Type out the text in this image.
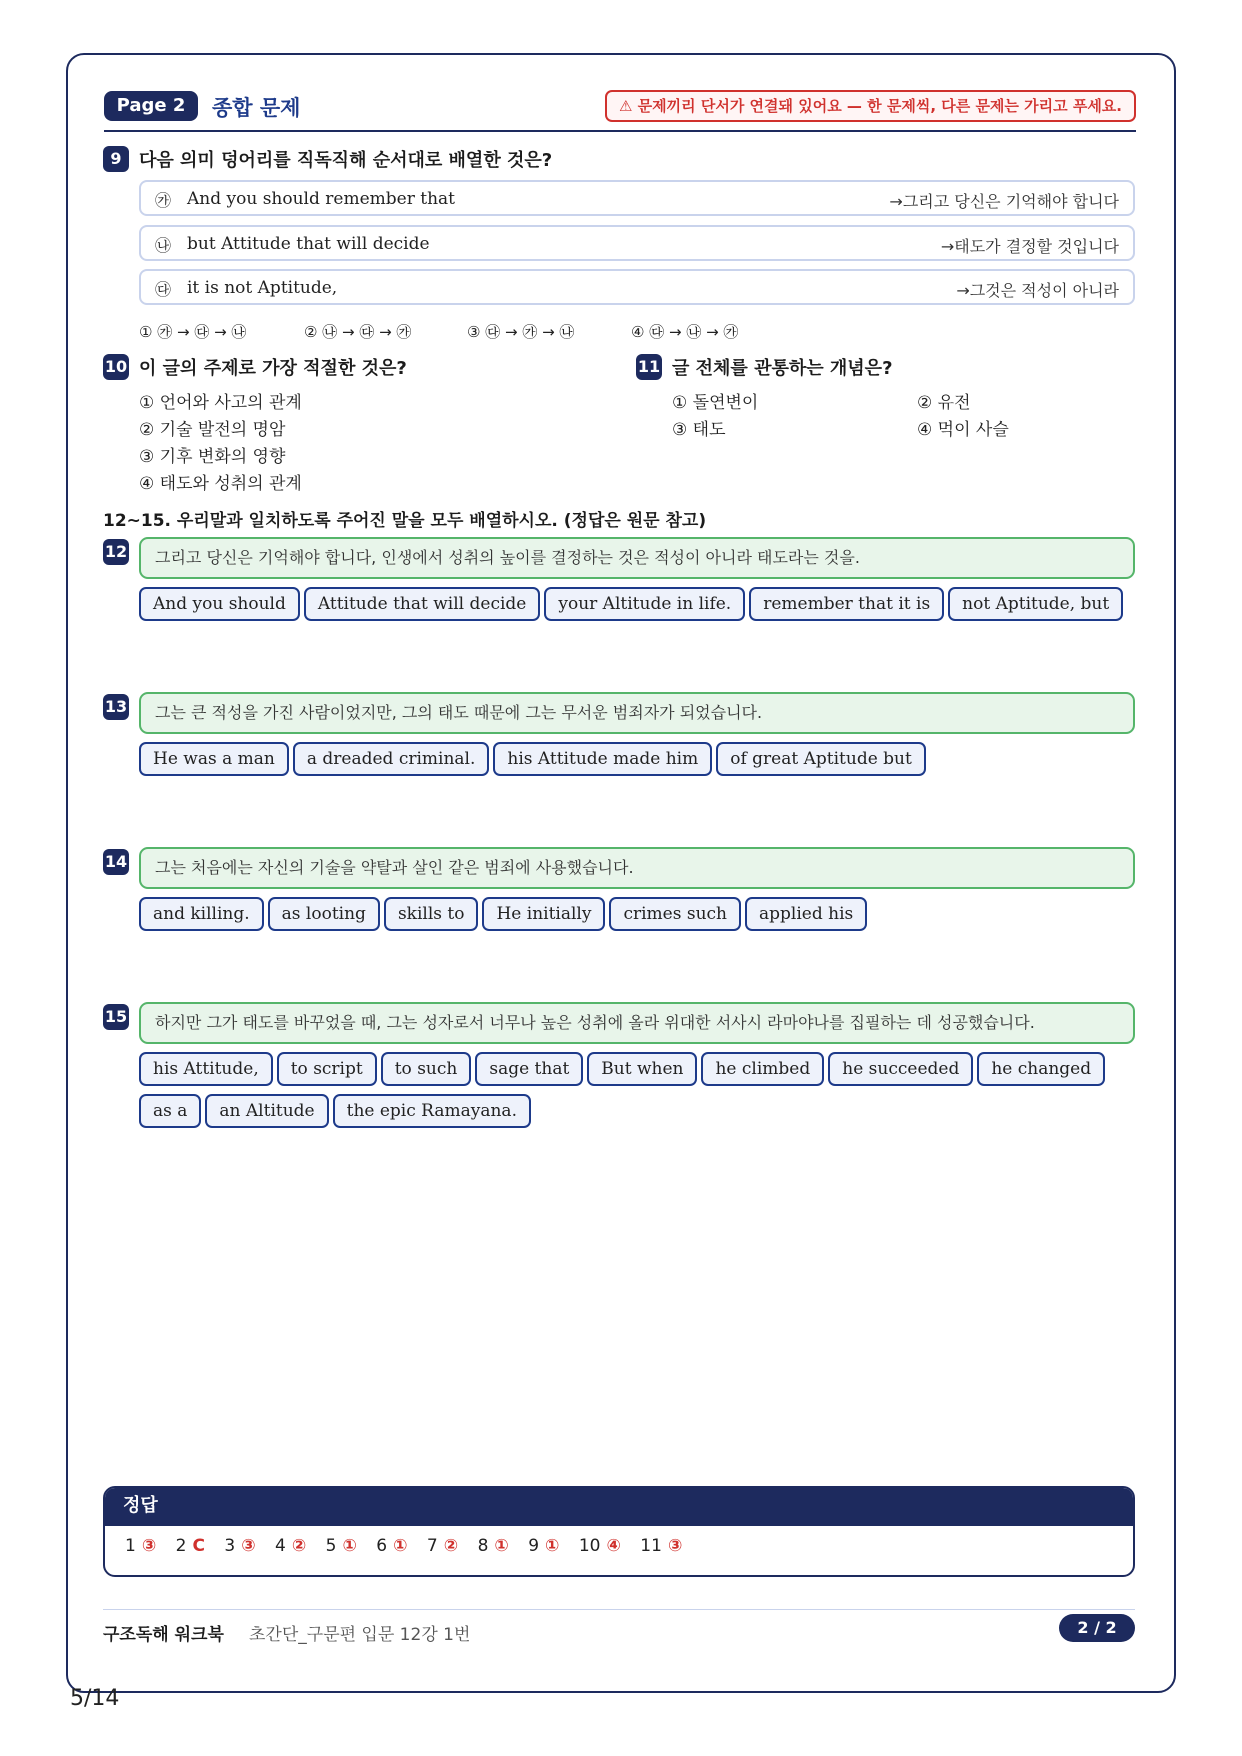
Page 2	종합 문제	⚠ 문제끼리 단서가 연결돼 있어요 — 한 문제씩, 다른 문제는 가리고 푸세요.
9 다음 의미 덩어리를 직독직해 순서대로 배열한 것은?
㉮ And you should remember that	→그리고 당신은 기억해야 합니다
㉯ but Attitude that will decide	→태도가 결정할 것입니다
㉰ it is not Aptitude,	→그것은 적성이 아니라
① ㉮ → ㉰ → ㉯	② ㉯ → ㉰ → ㉮	③ ㉰ → ㉮ → ㉯	④ ㉰ → ㉯ → ㉮
10 이 글의 주제로 가장 적절한 것은?
① 언어와 사고의 관계
② 기술 발전의 명암
③ 기후 변화의 영향
④ 태도와 성취의 관계
11 글 전체를 관통하는 개념은?
① 돌연변이	② 유전
③ 태도	④ 먹이 사슬
12~15. 우리말과 일치하도록 주어진 말을 모두 배열하시오. (정답은 원문 참고)
12	그리고 당신은 기억해야 합니다, 인생에서 성취의 높이를 결정하는 것은 적성이 아니라 태도라는 것을.
And you should Attitude that will decide your Altitude in life. remember that it is not Aptitude, but
13	그는 큰 적성을 가진 사람이었지만, 그의 태도 때문에 그는 무서운 범죄자가 되었습니다.
He was a man a dreaded criminal. his Attitude made him of great Aptitude but
14	그는 처음에는 자신의 기술을 약탈과 살인 같은 범죄에 사용했습니다.
and killing. as looting skills to He initially crimes such applied his
15	하지만 그가 태도를 바꾸었을 때, 그는 성자로서 너무나 높은 성취에 올라 위대한 서사시 라마야나를 집필하는 데 성공했습니다.
his Attitude, to script to such sage that But when he climbed he succeeded he changedas a an Altitude the epic Ramayana.
정답
1 ③ 2 C 3 ③ 4 ② 5 ① 6 ① 7 ② 8 ① 9 ① 10 ④ 11 ③
구조독해 워크북 초간단_구문편 입문 12강 1번	2 / 2
5/14
